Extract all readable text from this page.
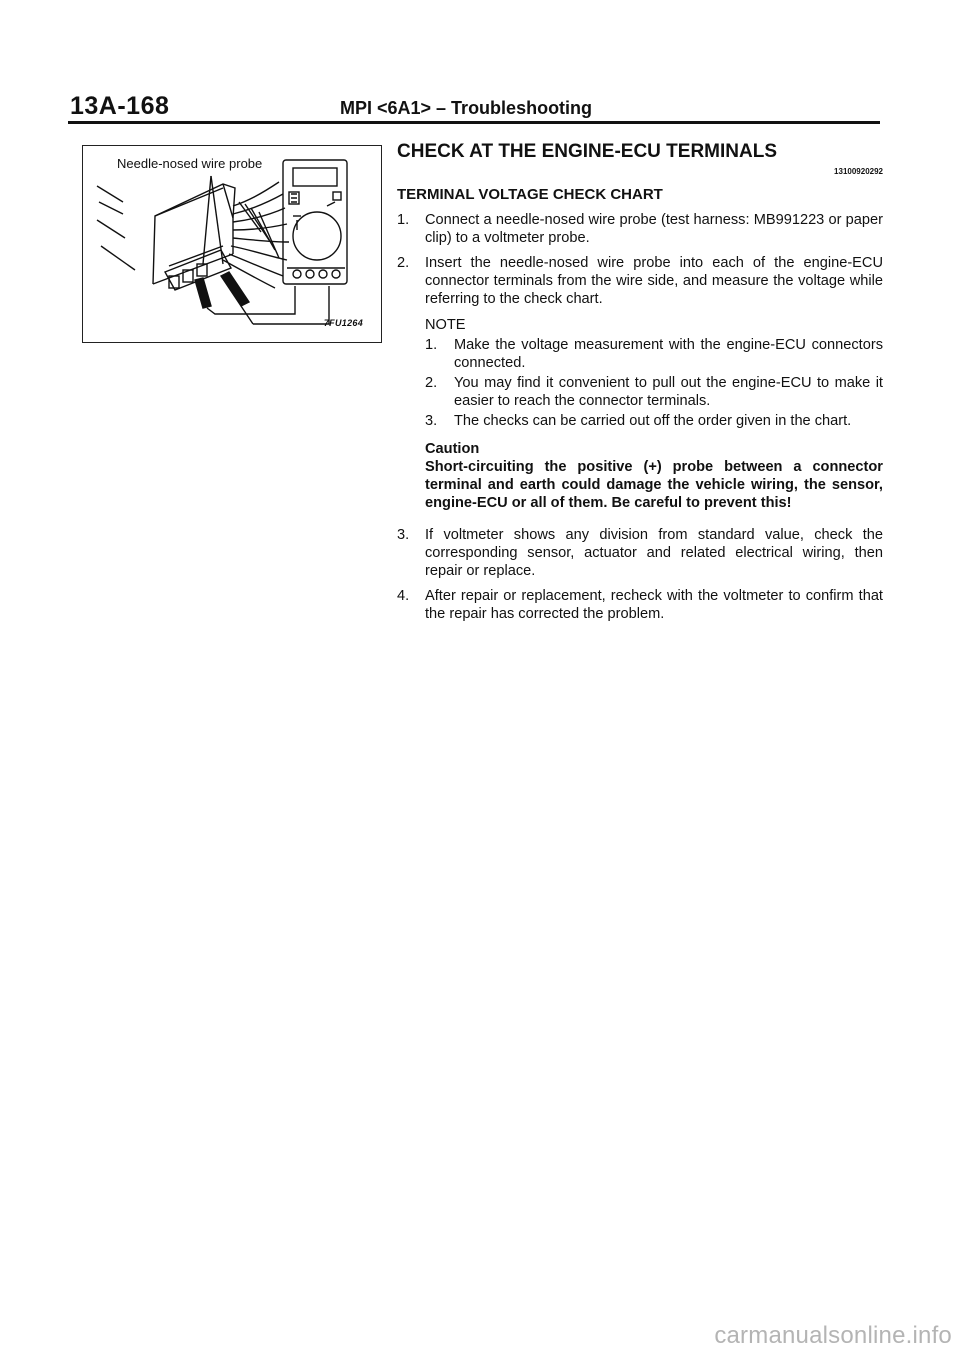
13A-168	MPI <6A1> – Troubleshooting
Needle-nosed wire probe
7FU1264
CHECK AT THE ENGINE-ECU TERMINALS
13100920292
TERMINAL VOLTAGE CHECK CHART
1.	Connect a needle-nosed wire probe (test harness: MB991223 or paper clip) to a voltmeter probe.
2.	Insert the needle-nosed wire probe into each of the engine-ECU connector terminals from the wire side, and measure the voltage while referring to the check chart.
NOTE
1.	Make the voltage measurement with the engine-ECU connectors connected.
2.	You may find it convenient to pull out the engine-ECU to make it easier to reach the connector terminals.
3.	The checks can be carried out off the order given in the chart.
Caution
Short-circuiting the positive (+) probe between a connector terminal and earth could damage the vehicle wiring, the sensor, engine-ECU or all of them. Be careful to prevent this!
3.	If voltmeter shows any division from standard value, check the corresponding sensor, actuator and related electrical wiring, then repair or replace.
4.	After repair or replacement, recheck with the voltmeter to confirm that the repair has corrected the problem.
carmanualsonline.info
